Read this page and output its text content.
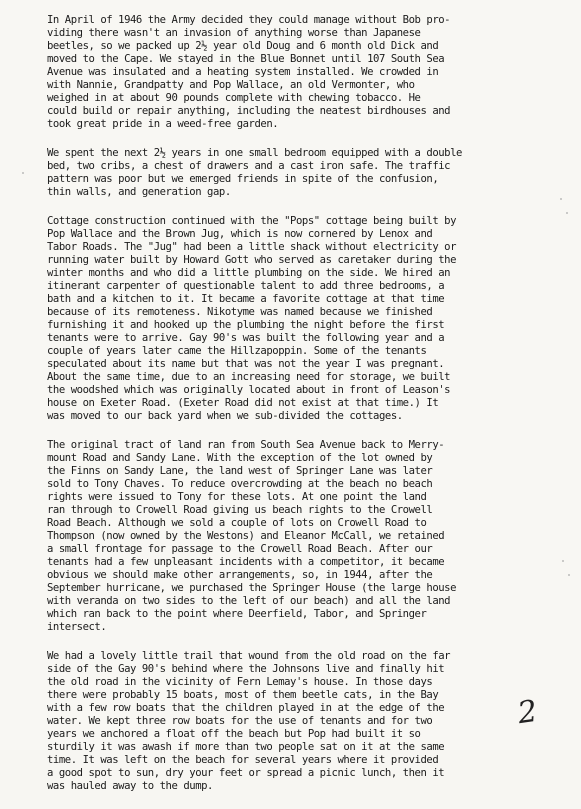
In April of 1946 the Army decided they could manage without Bob pro-
viding there wasn't an invasion of anything worse than Japanese
beetles, so we packed up 2½ year old Doug and 6 month old Dick and
moved to the Cape. We stayed in the Blue Bonnet until 107 South Sea
Avenue was insulated and a heating system installed. We crowded in
with Nannie, Grandpatty and Pop Wallace, an old Vermonter, who
weighed in at about 90 pounds complete with chewing tobacco. He
could build or repair anything, including the neatest birdhouses and
took great pride in a weed-free garden.
We spent the next 2½ years in one small bedroom equipped with a double
bed, two cribs, a chest of drawers and a cast iron safe. The traffic
pattern was poor but we emerged friends in spite of the confusion,
thin walls, and generation gap.
Cottage construction continued with the "Pops" cottage being built by
Pop Wallace and the Brown Jug, which is now cornered by Lenox and
Tabor Roads. The "Jug" had been a little shack without electricity or
running water built by Howard Gott who served as caretaker during the
winter months and who did a little plumbing on the side. We hired an
itinerant carpenter of questionable talent to add three bedrooms, a
bath and a kitchen to it. It became a favorite cottage at that time
because of its remoteness. Nikotyme was named because we finished
furnishing it and hooked up the plumbing the night before the first
tenants were to arrive. Gay 90's was built the following year and a
couple of years later came the Hillzapoppin. Some of the tenants
speculated about its name but that was not the year I was pregnant.
About the same time, due to an increasing need for storage, we built
the woodshed which was originally located about in front of Leason's
house on Exeter Road. (Exeter Road did not exist at that time.) It
was moved to our back yard when we sub-divided the cottages.
The original tract of land ran from South Sea Avenue back to Merry-
mount Road and Sandy Lane. With the exception of the lot owned by
the Finns on Sandy Lane, the land west of Springer Lane was later
sold to Tony Chaves. To reduce overcrowding at the beach no beach
rights were issued to Tony for these lots. At one point the land
ran through to Crowell Road giving us beach rights to the Crowell
Road Beach. Although we sold a couple of lots on Crowell Road to
Thompson (now owned by the Westons) and Eleanor McCall, we retained
a small frontage for passage to the Crowell Road Beach. After our
tenants had a few unpleasant incidents with a competitor, it became
obvious we should make other arrangements, so, in 1944, after the
September hurricane, we purchased the Springer House (the large house
with veranda on two sides to the left of our beach) and all the land
which ran back to the point where Deerfield, Tabor, and Springer
intersect.
We had a lovely little trail that wound from the old road on the far
side of the Gay 90's behind where the Johnsons live and finally hit
the old road in the vicinity of Fern Lemay's house. In those days
there were probably 15 boats, most of them beetle cats, in the Bay
with a few row boats that the children played in at the edge of the
water. We kept three row boats for the use of tenants and for two
years we anchored a float off the beach but Pop had built it so
sturdily it was awash if more than two people sat on it at the same
time. It was left on the beach for several years where it provided
a good spot to sun, dry your feet or spread a picnic lunch, then it
was hauled away to the dump.
2
